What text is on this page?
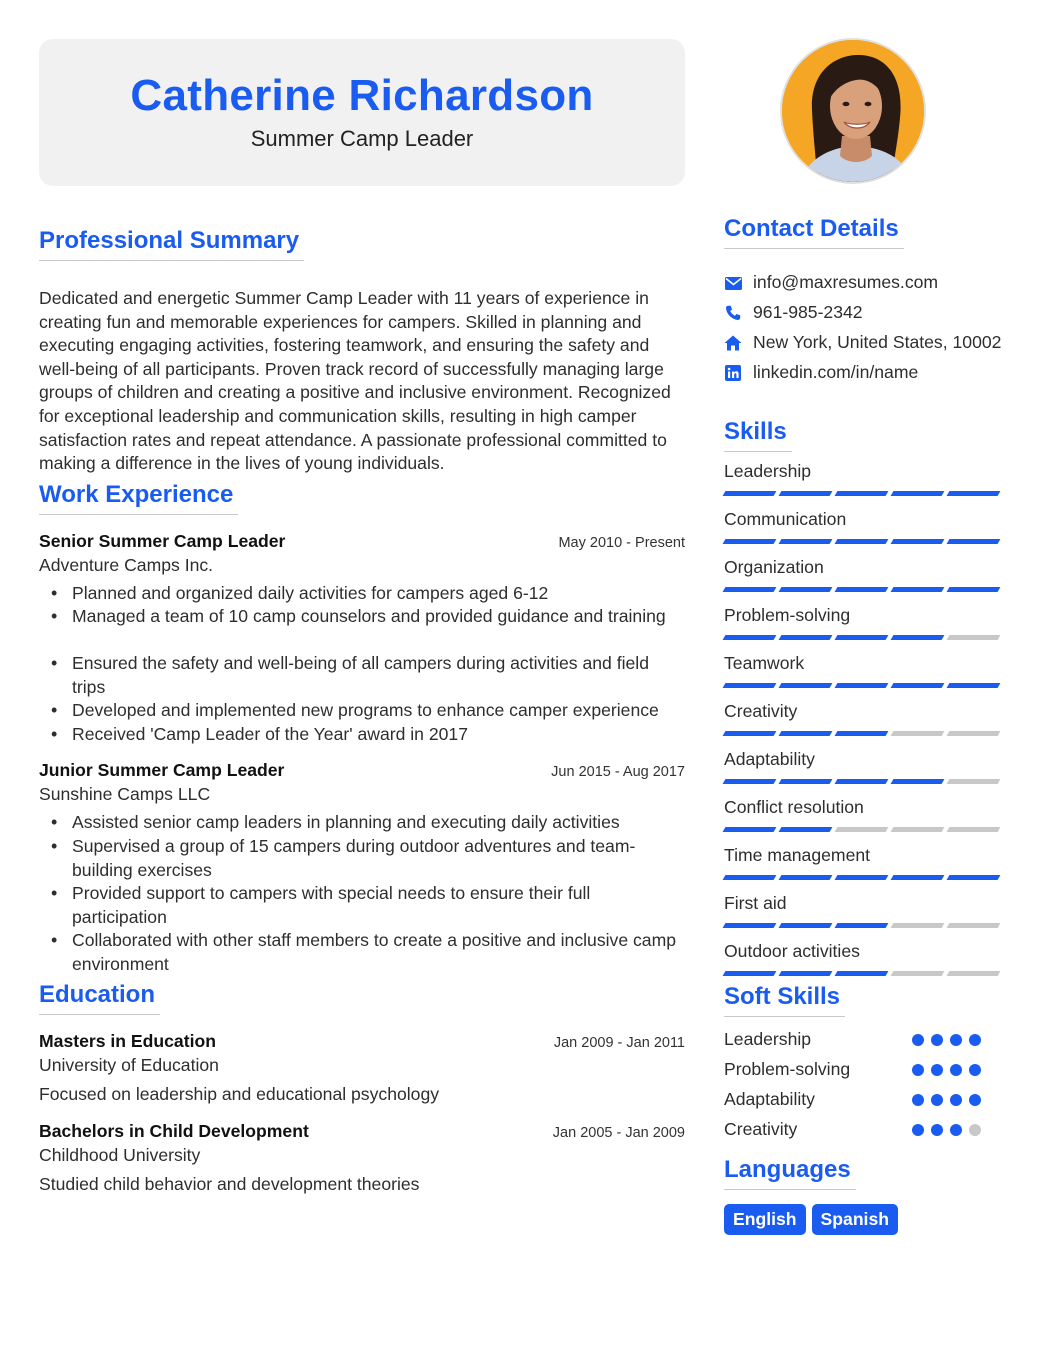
Catherine Richardson
Summer Camp Leader
Professional Summary

Dedicated and energetic Summer Camp Leader with 11 years of experience in creating fun and memorable experiences for campers. Skilled in planning and executing engaging activities, fostering teamwork, and ensuring the safety and well-being of all participants. Proven track record of successfully managing large groups of children and creating a positive and inclusive environment. Recognized for exceptional leadership and communication skills, resulting in high camper satisfaction rates and repeat attendance. A passionate professional committed to making a difference in the lives of young individuals.

Work Experience
Senior Summer Camp Leader	May 2010 - Present
Adventure Camps Inc.
• Planned and organized daily activities for campers aged 6-12
• Managed a team of 10 camp counselors and provided guidance and training
• Ensured the safety and well-being of all campers during activities and field trips
• Developed and implemented new programs to enhance camper experience
• Received 'Camp Leader of the Year' award in 2017
Junior Summer Camp Leader	Jun 2015 - Aug 2017
Sunshine Camps LLC
• Assisted senior camp leaders in planning and executing daily activities
• Supervised a group of 15 campers during outdoor adventures and team-building exercises
• Provided support to campers with special needs to ensure their full participation
• Collaborated with other staff members to create a positive and inclusive camp environment
Education
Masters in Education	Jan 2009 - Jan 2011
University of Education
Focused on leadership and educational psychology
Bachelors in Child Development	Jan 2005 - Jan 2009
Childhood University
Studied child behavior and development theories
Contact Details
info@maxresumes.com
961-985-2342
New York, United States, 10002
linkedin.com/in/name
Skills
Leadership
Communication
Organization
Problem-solving
Teamwork
Creativity
Adaptability
Conflict resolution
Time management
First aid
Outdoor activities
Soft Skills
Leadership
Problem-solving
Adaptability
Creativity
Languages
English	Spanish
